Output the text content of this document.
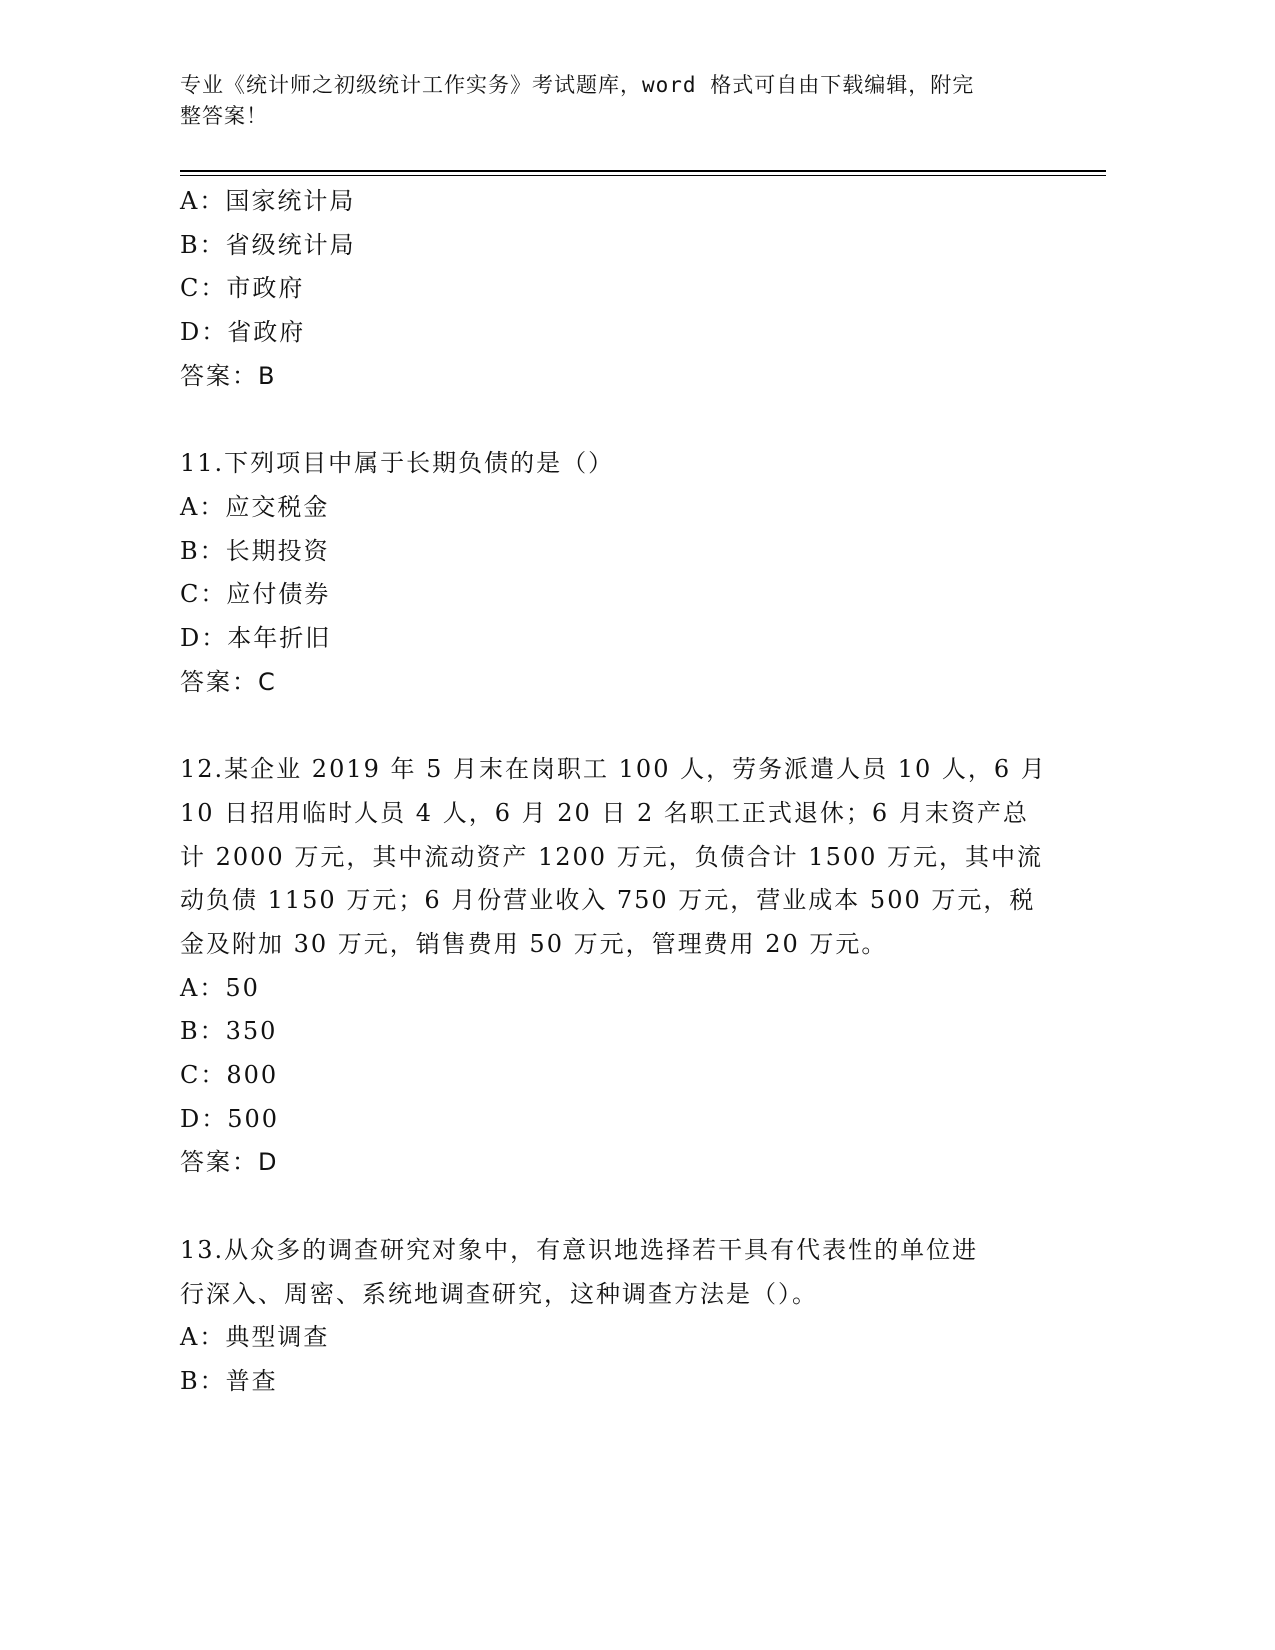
专业《统计师之初级统计工作实务》考试题库，word 格式可自由下载编辑，附完
整答案！
A：国家统计局
B：省级统计局
C：市政府
D：省政府
答案：B
11.下列项目中属于长期负债的是（）
A：应交税金
B：长期投资
C：应付债券
D：本年折旧
答案：C
12.某企业 2019 年 5 月末在岗职工 100 人，劳务派遣人员 10 人，6 月
10 日招用临时人员 4 人，6 月 20 日 2 名职工正式退休；6 月末资产总
计 2000 万元，其中流动资产 1200 万元，负债合计 1500 万元，其中流
动负债 1150 万元；6 月份营业收入 750 万元，营业成本 500 万元，税
金及附加 30 万元，销售费用 50 万元，管理费用 20 万元。
A：50
B：350
C：800
D：500
答案：D
13.从众多的调查研究对象中，有意识地选择若干具有代表性的单位进
行深入、周密、系统地调查研究，这种调查方法是（）。
A：典型调查
B：普查
